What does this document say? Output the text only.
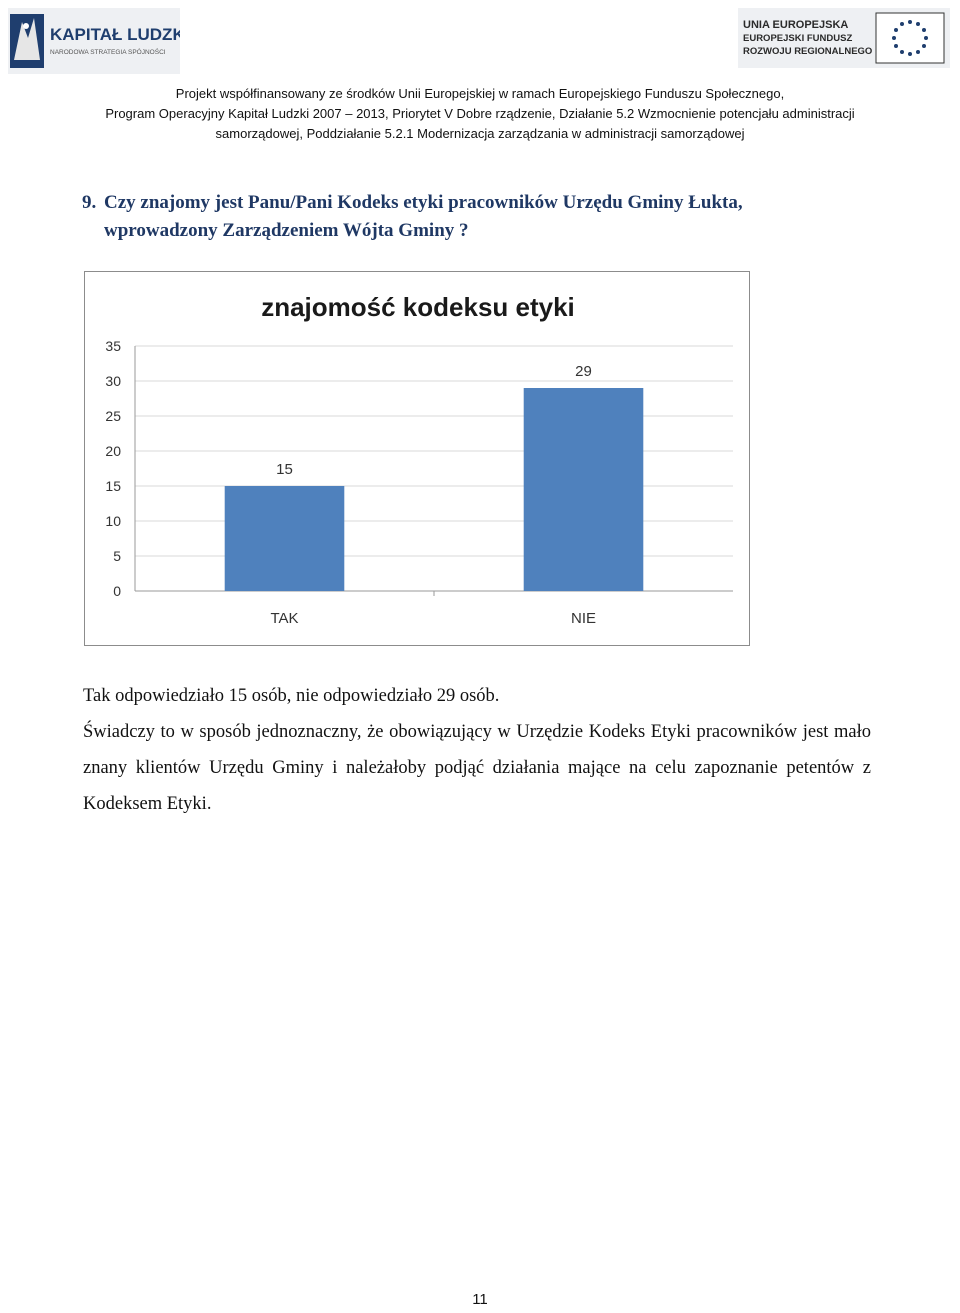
KAPITAŁ LUDZKI
NARODOWA STRATEGIA SPÓJNOŚCI
UNIA EUROPEJSKA
EUROPEJSKI FUNDUSZ
ROZWOJU REGIONALNEGO
Projekt współfinansowany ze środków Unii Europejskiej w ramach Europejskiego Funduszu Społecznego,
Program Operacyjny Kapitał Ludzki 2007 – 2013, Priorytet V Dobre rządzenie, Działanie 5.2 Wzmocnienie potencjału administracji
samorządowej, Poddziałanie 5.2.1 Modernizacja zarządzania w administracji samorządowej
9. Czy znajomy jest Panu/Pani Kodeks etyki pracowników Urzędu Gminy Łukta,
wprowadzony Zarządzeniem Wójta Gminy ?
znajomość kodeksu etyki
0
5
10
15
20
25
30
35
15
TAK
29
NIE

Tak odpowiedziało 15 osób, nie odpowiedziało 29 osób.

Świadczy to w sposób jednoznaczny, że obowiązujący w Urzędzie Kodeks Etyki pracowników jest mało znany klientów Urzędu Gminy i należałoby podjąć działania mające na celu zapoznanie petentów z Kodeksem Etyki.

11
